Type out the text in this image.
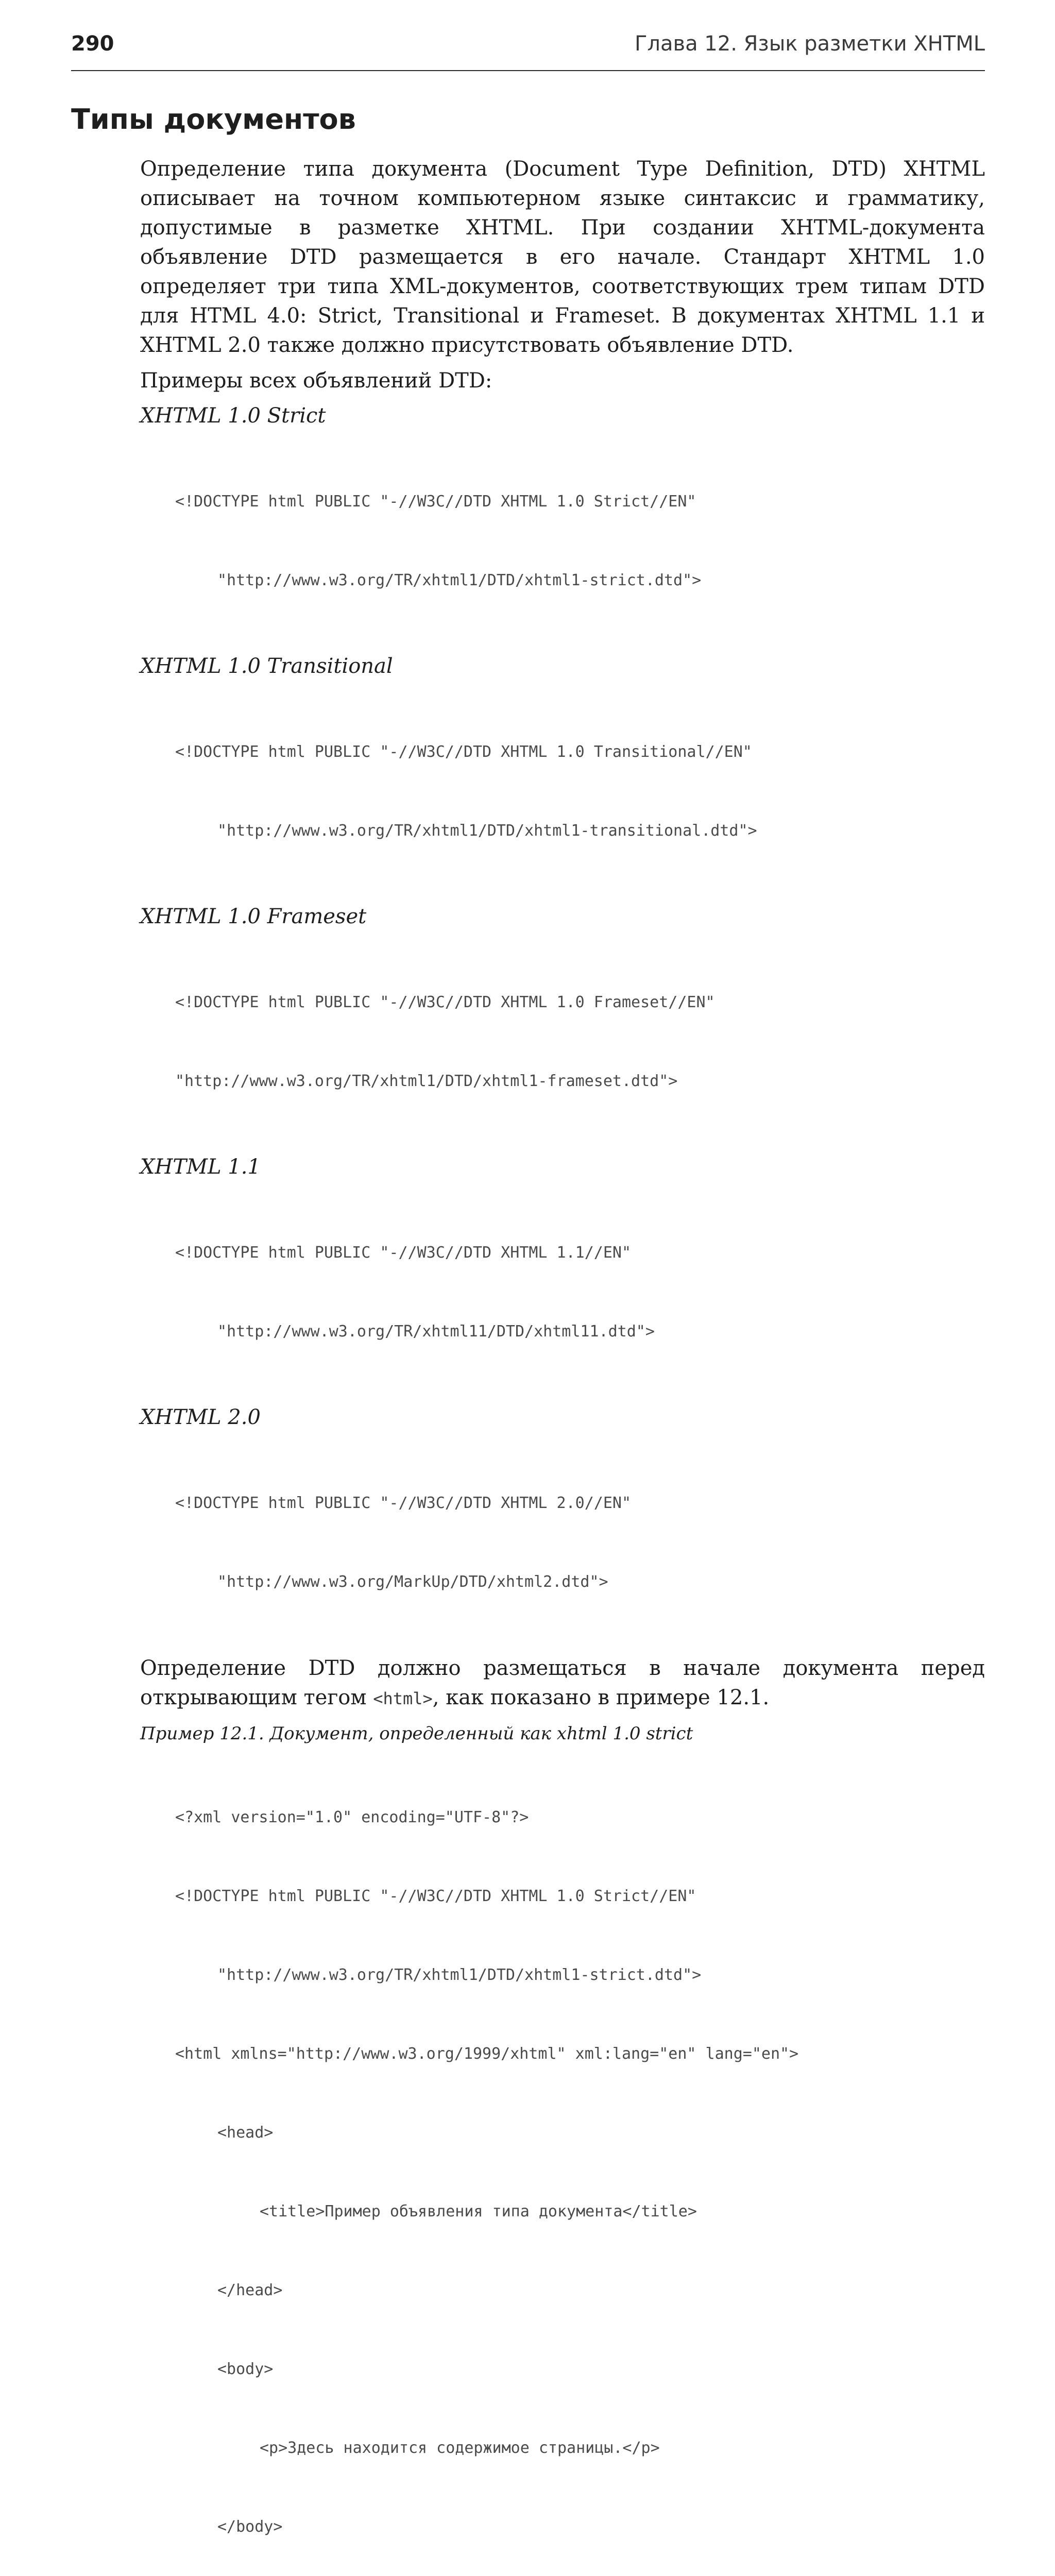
290	Глава 12. Язык разметки XHTML
Типы документов

Определение типа документа (Document Type Definition, DTD) XHTML описывает на точном компьютерном языке синтаксис и грамматику, допустимые в разметке XHTML. При создании XHTML-документа объявление DTD размещается в его начале. Стандарт XHTML 1.0 определяет три типа XML-документов, соответствующих трем типам DTD для HTML 4.0: Strict, Transitional и Frameset. В документах XHTML 1.1 и XHTML 2.0 также должно присутствовать объявление DTD.

Примеры всех объявлений DTD:

XHTML 1.0 Strict

<!DOCTYPE html PUBLIC "-//W3C//DTD XHTML 1.0 Strict//EN"

"http://www.w3.org/TR/xhtml1/DTD/xhtml1-strict.dtd">

XHTML 1.0 Transitional

<!DOCTYPE html PUBLIC "-//W3C//DTD XHTML 1.0 Transitional//EN"

"http://www.w3.org/TR/xhtml1/DTD/xhtml1-transitional.dtd">

XHTML 1.0 Frameset

<!DOCTYPE html PUBLIC "-//W3C//DTD XHTML 1.0 Frameset//EN"

"http://www.w3.org/TR/xhtml1/DTD/xhtml1-frameset.dtd">

XHTML 1.1

<!DOCTYPE html PUBLIC "-//W3C//DTD XHTML 1.1//EN"

"http://www.w3.org/TR/xhtml11/DTD/xhtml11.dtd">

XHTML 2.0

<!DOCTYPE html PUBLIC "-//W3C//DTD XHTML 2.0//EN"

"http://www.w3.org/MarkUp/DTD/xhtml2.dtd">

Определение DTD должно размещаться в начале документа перед открывающим тегом <html>, как показано в примере 12.1.

Пример 12.1. Документ, определенный как xhtml 1.0 strict

<?xml version="1.0" encoding="UTF-8"?>

<!DOCTYPE html PUBLIC "-//W3C//DTD XHTML 1.0 Strict//EN"

"http://www.w3.org/TR/xhtml1/DTD/xhtml1-strict.dtd">

<html xmlns="http://www.w3.org/1999/xhtml" xml:lang="en" lang="en">

<head>

<title>Пример объявления типа документа</title>

</head>

<body>

<p>Здесь находится содержимое страницы.</p>

</body>
